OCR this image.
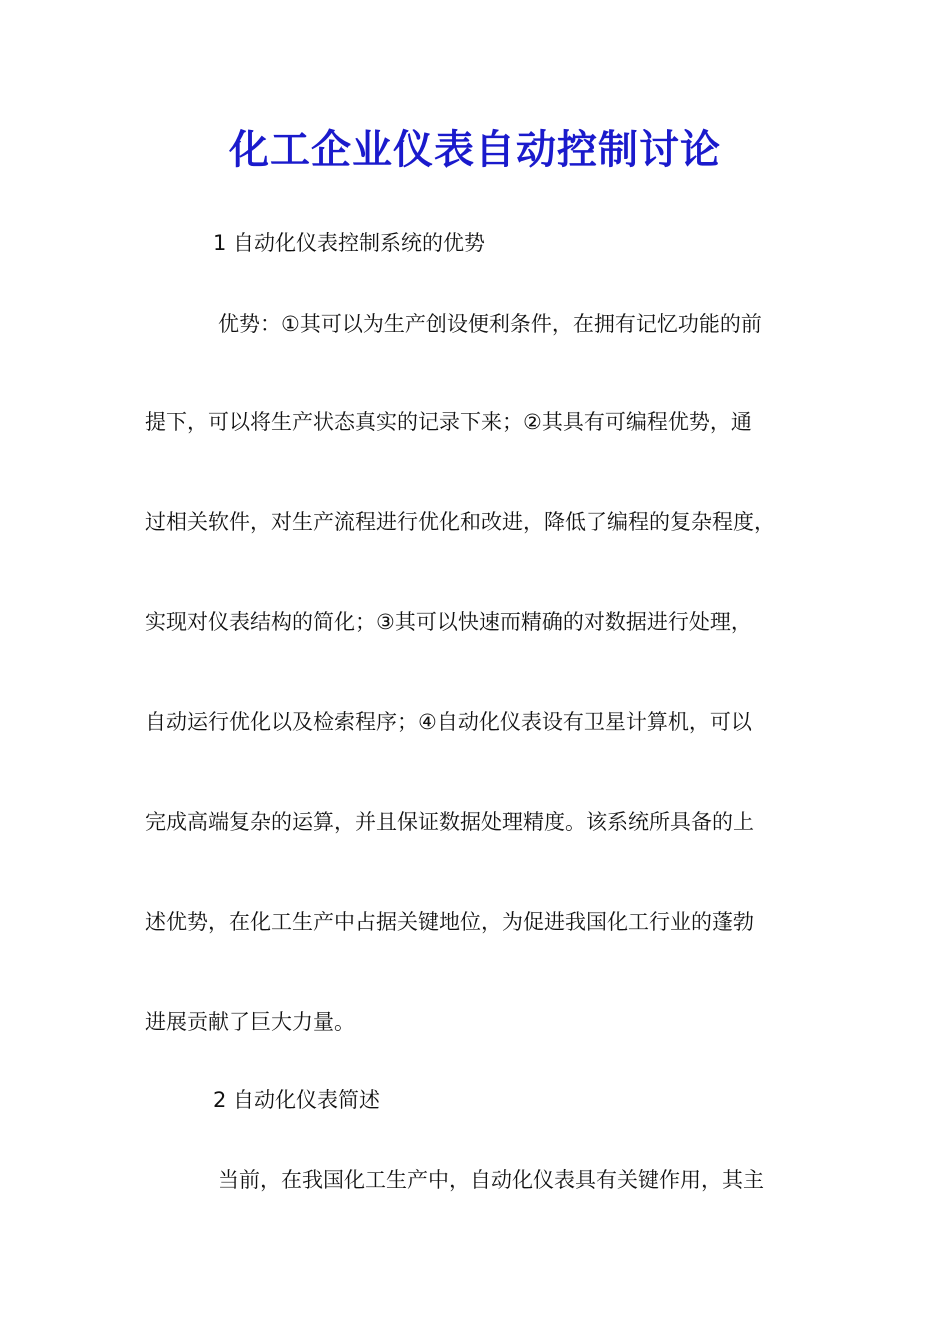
化工企业仪表自动控制讨论
1 自动化仪表控制系统的优势
优势：①其可以为生产创设便利条件，在拥有记忆功能的前
提下，可以将生产状态真实的记录下来；②其具有可编程优势，通
过相关软件，对生产流程进行优化和改进，降低了编程的复杂程度，
实现对仪表结构的简化；③其可以快速而精确的对数据进行处理，
自动运行优化以及检索程序；④自动化仪表设有卫星计算机，可以
完成高端复杂的运算，并且保证数据处理精度。该系统所具备的上
述优势，在化工生产中占据关键地位，为促进我国化工行业的蓬勃
进展贡献了巨大力量。
2 自动化仪表简述
当前，在我国化工生产中，自动化仪表具有关键作用，其主
